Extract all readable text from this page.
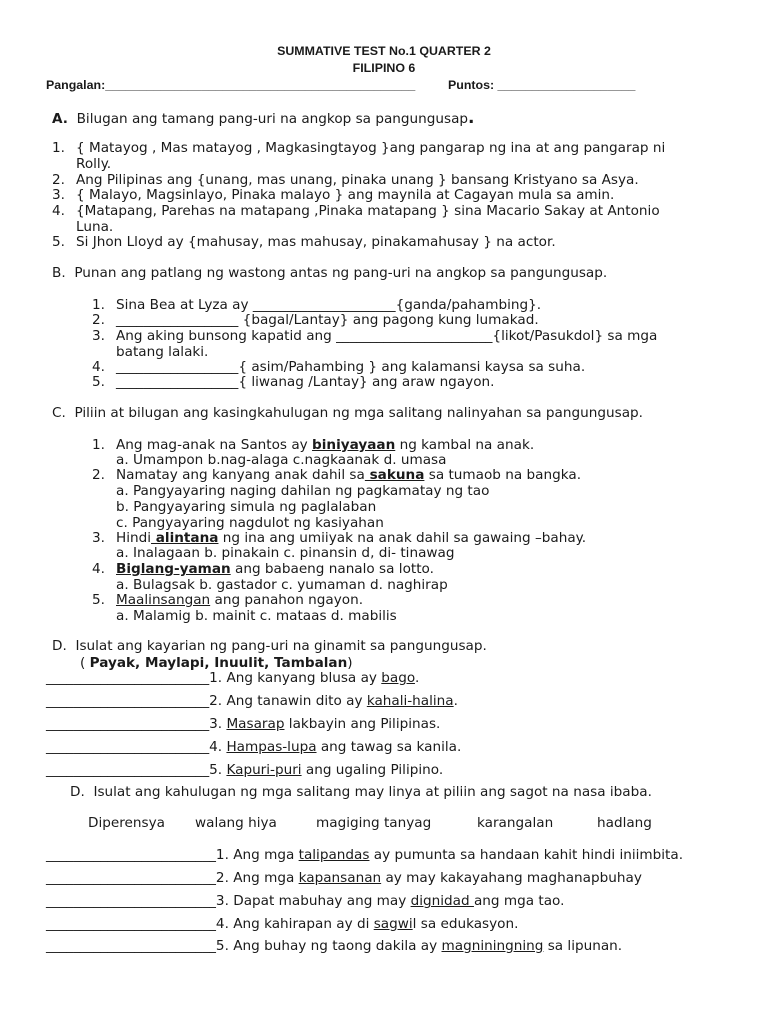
SUMMATIVE TEST No.1 QUARTER 2
FILIPINO 6
Pangalan:_____________________________________________	Puntos: ____________________
A. Bilugan ang tamang pang-uri na angkop sa pangungusap.
1. { Matayog , Mas matayog , Magkasingtayog }ang pangarap ng ina at ang pangarap ni
Rolly.
2. Ang Pilipinas ang {unang, mas unang, pinaka unang } bansang Kristyano sa Asya.
3. { Malayo, Magsinlayo, Pinaka malayo } ang maynila at Cagayan mula sa amin.
4. {Matapang, Parehas na matapang ,Pinaka matapang } sina Macario Sakay at Antonio
Luna.
5. Si Jhon Lloyd ay {mahusay, mas mahusay, pinakamahusay } na actor.
B. Punan ang patlang ng wastong antas ng pang-uri na angkop sa pangungusap.
1. Sina Bea at Lyza ay _____________________{ganda/pahambing}.
2. __________________ {bagal/Lantay} ang pagong kung lumakad.
3. Ang aking bunsong kapatid ang _______________________{likot/Pasukdol} sa mga
batang lalaki.
4. __________________{ asim/Pahambing } ang kalamansi kaysa sa suha.
5. __________________{ liwanag /Lantay} ang araw ngayon.
C. Piliin at bilugan ang kasingkahulugan ng mga salitang nalinyahan sa pangungusap.
1. Ang mag-anak na Santos ay biniyayaan ng kambal na anak.
a. Umampon b.nag-alaga c.nagkaanak d. umasa
2. Namatay ang kanyang anak dahil sa sakuna sa tumaob na bangka.
a. Pangyayaring naging dahilan ng pagkamatay ng tao
b. Pangyayaring simula ng paglalaban
c. Pangyayaring nagdulot ng kasiyahan
3. Hindi alintana ng ina ang umiiyak na anak dahil sa gawaing –bahay.
a. Inalagaan b. pinakain c. pinansin d, di- tinawag
4. Biglang-yaman ang babaeng nanalo sa lotto.
a. Bulagsak b. gastador c. yumaman d. naghirap
5. Maalinsangan ang panahon ngayon.
a. Malamig b. mainit c. mataas d. mabilis
D. Isulat ang kayarian ng pang-uri na ginamit sa pangungusap.
( Payak, Maylapi, Inuulit, Tambalan)
________________________1. Ang kanyang blusa ay bago.
________________________2. Ang tanawin dito ay kahali-halina.
________________________3. Masarap lakbayin ang Pilipinas.
________________________4. Hampas-lupa ang tawag sa kanila.
________________________5. Kapuri-puri ang ugaling Pilipino.
D. Isulat ang kahulugan ng mga salitang may linya at piliin ang sagot na nasa ibaba.
Diperensya walang hiya	magiging tanyag	karangalan	hadlang
_________________________1. Ang mga talipandas ay pumunta sa handaan kahit hindi iniimbita.
_________________________2. Ang mga kapansanan ay may kakayahang maghanapbuhay
_________________________3. Dapat mabuhay ang may dignidad ang mga tao.
_________________________4. Ang kahirapan ay di sagwil sa edukasyon.
_________________________5. Ang buhay ng taong dakila ay magniningning sa lipunan.
